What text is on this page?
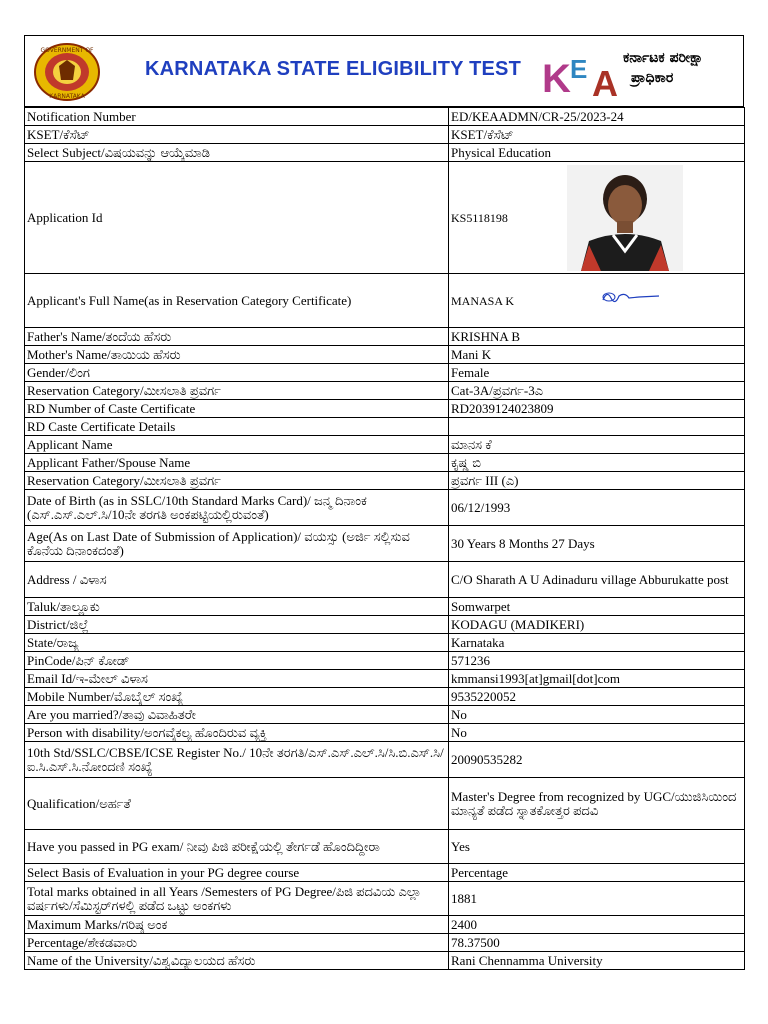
GOVERNMENT OF
KARNATAKA
KARNATAKA STATE ELIGIBILITY TEST K E A
ಕರ್ನಾಟಕ ಪರೀಕ್ಷಾ
ಪ್ರಾಧಿಕಾರ
Notification Number	ED/KEAADMN/CR-25/2023-24
KSET/ಕೆಸೆಟ್	KSET/ಕೆಸೆಟ್
Select Subject/ವಿಷಯವನ್ನು ಆಯ್ಕೆಮಾಡಿ	Physical Education
Application Id	KS5118198

Applicant's Full Name(as in Reservation Category Certificate)	MANASA K

Father's Name/ತಂದೆಯ ಹೆಸರು	KRISHNA B
Mother's Name/ತಾಯಿಯ ಹೆಸರು	Mani K
Gender/ಲಿಂಗ	Female
Reservation Category/ಮೀಸಲಾತಿ ಪ್ರವರ್ಗ	Cat-3A/ಪ್ರವರ್ಗ-3ಎ
RD Number of Caste Certificate	RD2039124023809
RD Caste Certificate Details	
Applicant Name	ಮಾನಸ ಕೆ
Applicant Father/Spouse Name	ಕೃಷ್ಣ ಬಿ
Reservation Category/ಮೀಸಲಾತಿ ಪ್ರವರ್ಗ	ಪ್ರವರ್ಗ III (ಎ)
Date of Birth (as in SSLC/10th Standard Marks Card)/ ಜನ್ಮ ದಿನಾಂಕ (ಎಸ್.ಎಸ್.ಎಲ್.ಸಿ/10ನೇ ತರಗತಿ ಅಂಕಪಟ್ಟಿಯಲ್ಲಿರುವಂತೆ)	06/12/1993
Age(As on Last Date of Submission of Application)/ ವಯಸ್ಸು (ಅರ್ಜಿ ಸಲ್ಲಿಸುವ ಕೊನೆಯ ದಿನಾಂಕದಂತೆ)	30 Years 8 Months 27 Days
Address / ವಿಳಾಸ	C/O Sharath A U Adinaduru village Abburukatte post
Taluk/ತಾಲ್ಲೂಕು	Somwarpet
District/ಜಿಲ್ಲೆ	KODAGU (MADIKERI)
State/ರಾಜ್ಯ	Karnataka
PinCode/ಪಿನ್ ಕೋಡ್	571236
Email Id/ಇ-ಮೇಲ್ ವಿಳಾಸ	kmmansi1993[at]gmail[dot]com
Mobile Number/ಮೊಬೈಲ್ ಸಂಖ್ಯೆ	9535220052
Are you married?/ತಾವು ವಿವಾಹಿತರೇ	No
Person with disability/ಅಂಗವೈಕಲ್ಯ ಹೊಂದಿರುವ ವ್ಯಕ್ತಿ	No
10th Std/SSLC/CBSE/ICSE Register No./ 10ನೇ ತರಗತಿ/ಎಸ್.ಎಸ್.ಎಲ್.ಸಿ/ಸಿ.ಬಿ.ಎಸ್.ಸಿ/ಐ.ಸಿ.ಎಸ್.ಸಿ.ನೋಂದಣಿ ಸಂಖ್ಯೆ	20090535282
Qualification/ಅರ್ಹತೆ	Master's Degree from recognized by UGC/ಯುಜಿಸಿಯಿಂದ ಮಾನ್ಯತೆ ಪಡೆದ ಸ್ನಾತಕೋತ್ತರ ಪದವಿ
Have you passed in PG exam/ ನೀವು ಪಿಜಿ ಪರೀಕ್ಷೆಯಲ್ಲಿ ತೇರ್ಗಡೆ ಹೊಂದಿದ್ದೀರಾ	Yes
Select Basis of Evaluation in your PG degree course	Percentage
Total marks obtained in all Years /Semesters of PG Degree/ಪಿಜಿ ಪದವಿಯ ಎಲ್ಲಾ ವರ್ಷಗಳು/ಸೆಮಿಸ್ಟರ್‌ಗಳಲ್ಲಿ ಪಡೆದ ಒಟ್ಟು ಅಂಕಗಳು	1881
Maximum Marks/ಗರಿಷ್ಠ ಅಂಕ	2400
Percentage/ಶೇಕಡವಾರು	78.37500
Name of the University/ವಿಶ್ವವಿದ್ಯಾಲಯದ ಹೆಸರು	Rani Chennamma University
